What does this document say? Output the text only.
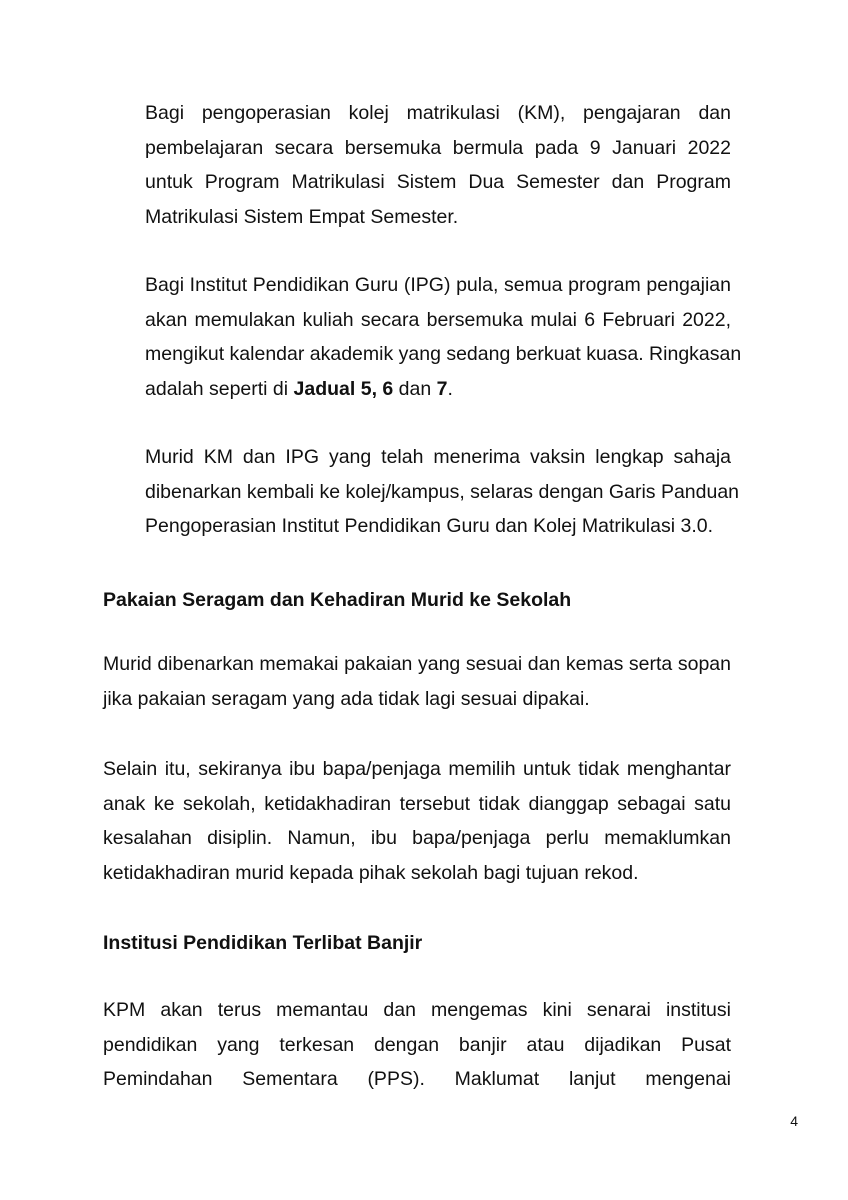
Bagi pengoperasian kolej matrikulasi (KM), pengajaran dan
pembelajaran secara bersemuka bermula pada 9 Januari 2022
untuk Program Matrikulasi Sistem Dua Semester dan Program
Matrikulasi Sistem Empat Semester.

Bagi Institut Pendidikan Guru (IPG) pula, semua program pengajian
akan memulakan kuliah secara bersemuka mulai 6 Februari 2022,
mengikut kalendar akademik yang sedang berkuat kuasa. Ringkasan
adalah seperti di Jadual 5, 6 dan 7.

Murid KM dan IPG yang telah menerima vaksin lengkap sahaja
dibenarkan kembali ke kolej/kampus, selaras dengan Garis Panduan
Pengoperasian Institut Pendidikan Guru dan Kolej Matrikulasi 3.0.

Pakaian Seragam dan Kehadiran Murid ke Sekolah

Murid dibenarkan memakai pakaian yang sesuai dan kemas serta sopan
jika pakaian seragam yang ada tidak lagi sesuai dipakai.

Selain itu, sekiranya ibu bapa/penjaga memilih untuk tidak menghantar
anak ke sekolah, ketidakhadiran tersebut tidak dianggap sebagai satu
kesalahan disiplin. Namun, ibu bapa/penjaga perlu memaklumkan
ketidakhadiran murid kepada pihak sekolah bagi tujuan rekod.

Institusi Pendidikan Terlibat Banjir

KPM akan terus memantau dan mengemas kini senarai institusi
pendidikan yang terkesan dengan banjir atau dijadikan Pusat
Pemindahan Sementara (PPS). Maklumat lanjut mengenai

4
